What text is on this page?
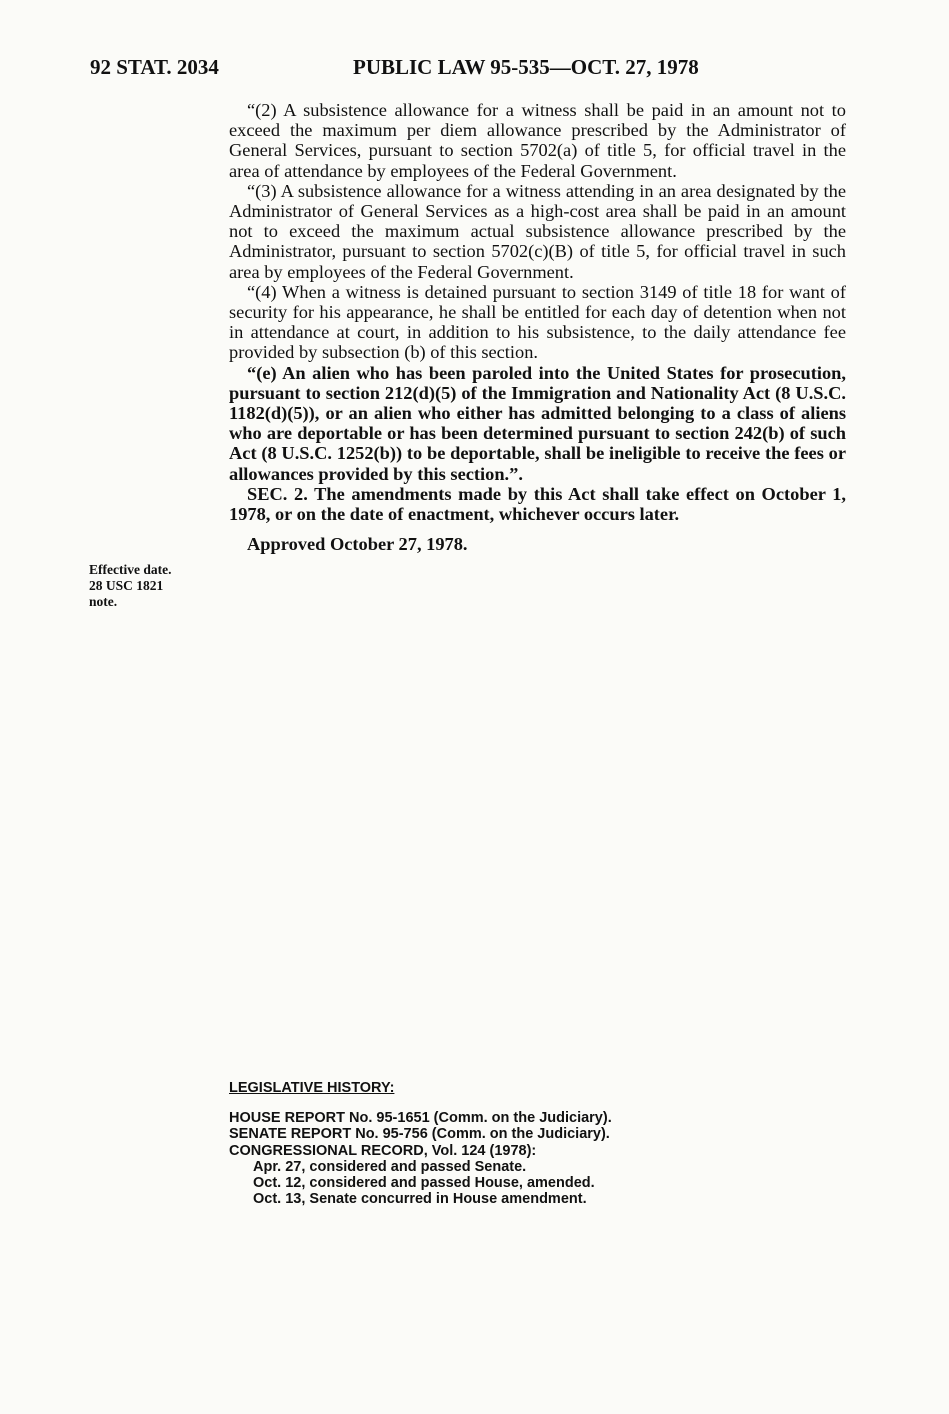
92 STAT. 2034	PUBLIC LAW 95-535—OCT. 27, 1978

“(2) A subsistence allowance for a witness shall be paid in an amount not to exceed the maximum per diem allowance prescribed by the Administrator of General Services, pursuant to section 5702(a) of title 5, for official travel in the area of attendance by employees of the Federal Government.

“(3) A subsistence allowance for a witness attending in an area designated by the Administrator of General Services as a high-cost area shall be paid in an amount not to exceed the maximum actual subsistence allowance prescribed by the Administrator, pursuant to section 5702(c)(B) of title 5, for official travel in such area by employees of the Federal Government.

“(4) When a witness is detained pursuant to section 3149 of title 18 for want of security for his appearance, he shall be entitled for each day of detention when not in attendance at court, in addition to his subsistence, to the daily attendance fee provided by subsection (b) of this section.

“(e) An alien who has been paroled into the United States for prosecution, pursuant to section 212(d)(5) of the Immigration and Nationality Act (8 U.S.C. 1182(d)(5)), or an alien who either has admitted belonging to a class of aliens who are deportable or has been determined pursuant to section 242(b) of such Act (8 U.S.C. 1252(b)) to be deportable, shall be ineligible to receive the fees or allowances provided by this section.”.

SEC. 2. The amendments made by this Act shall take effect on October 1, 1978, or on the date of enactment, whichever occurs later.

Approved October 27, 1978.

Effective date.
28 USC 1821
note.
LEGISLATIVE HISTORY:
HOUSE REPORT No. 95-1651 (Comm. on the Judiciary).
SENATE REPORT No. 95-756 (Comm. on the Judiciary).
CONGRESSIONAL RECORD, Vol. 124 (1978):
Apr. 27, considered and passed Senate.
Oct. 12, considered and passed House, amended.
Oct. 13, Senate concurred in House amendment.
